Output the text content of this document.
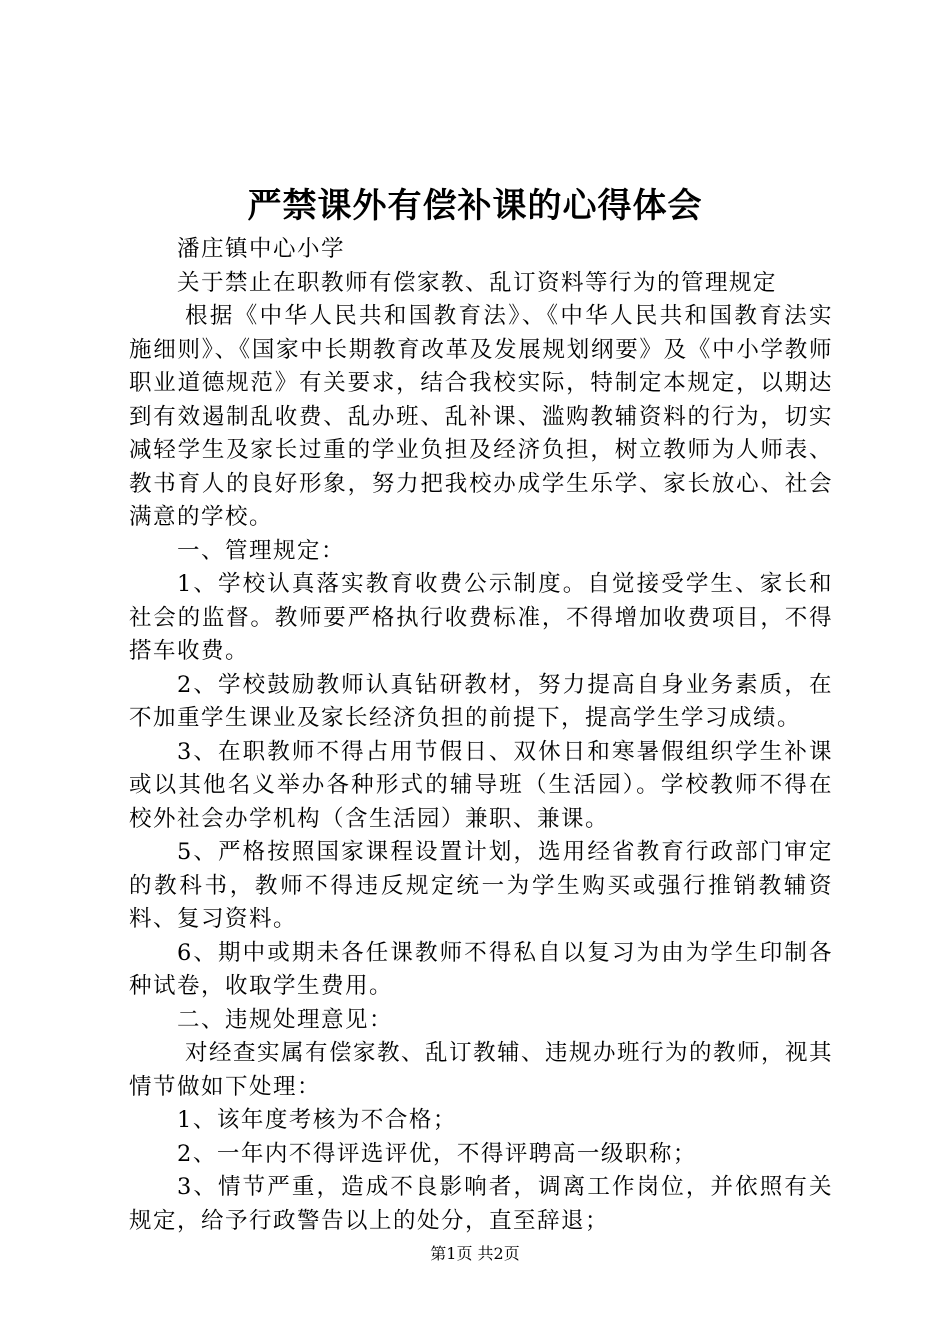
严禁课外有偿补课的心得体会

潘庄镇中心小学

关于禁止在职教师有偿家教、乱订资料等行为的管理规定

根据《中华人民共和国教育法》、《中华人民共和国教育法实施细则》、《国家中长期教育改革及发展规划纲要》及《中小学教师职业道德规范》有关要求，结合我校实际，特制定本规定，以期达到有效遏制乱收费、乱办班、乱补课、滥购教辅资料的行为，切实减轻学生及家长过重的学业负担及经济负担，树立教师为人师表、教书育人的良好形象，努力把我校办成学生乐学、家长放心、社会满意的学校。

一、管理规定：

1、学校认真落实教育收费公示制度。自觉接受学生、家长和社会的监督。教师要严格执行收费标准，不得增加收费项目，不得搭车收费。

2、学校鼓励教师认真钻研教材，努力提高自身业务素质，在不加重学生课业及家长经济负担的前提下，提高学生学习成绩。

3、在职教师不得占用节假日、双休日和寒暑假组织学生补课或以其他名义举办各种形式的辅导班（生活园）。学校教师不得在校外社会办学机构（含生活园）兼职、兼课。

5、严格按照国家课程设置计划，选用经省教育行政部门审定的教科书，教师不得违反规定统一为学生购买或强行推销教辅资料、复习资料。

6、期中或期未各任课教师不得私自以复习为由为学生印制各种试卷，收取学生费用。

二、违规处理意见：

对经查实属有偿家教、乱订教辅、违规办班行为的教师，视其情节做如下处理：

1、该年度考核为不合格；

2、一年内不得评选评优，不得评聘高一级职称；

3、情节严重，造成不良影响者，调离工作岗位，并依照有关规定，给予行政警告以上的处分，直至辞退；

第1页 共2页
